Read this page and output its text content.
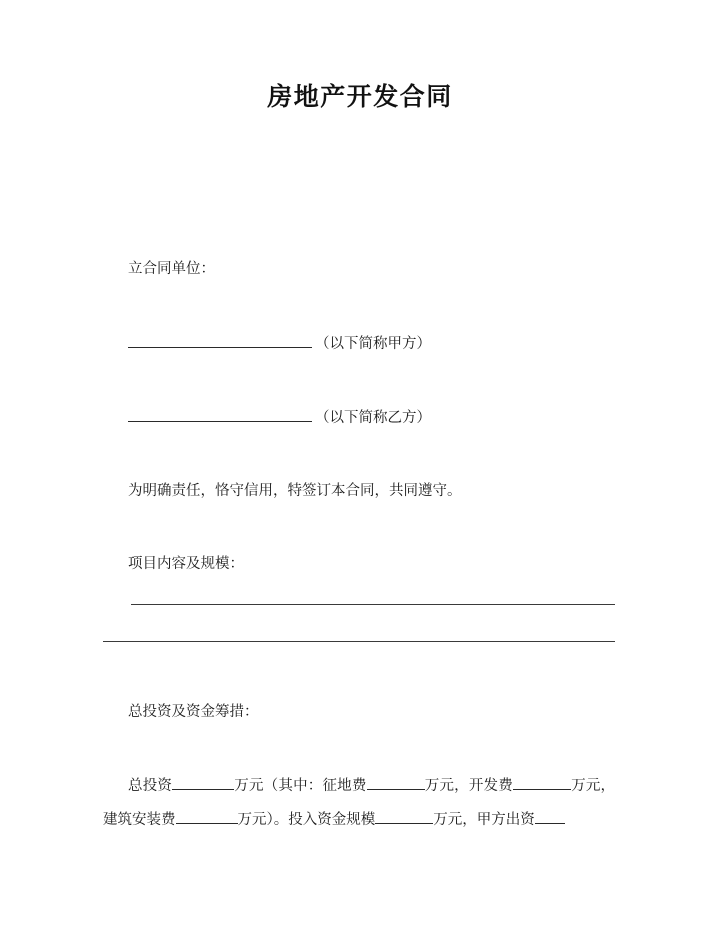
房地产开发合同
立合同单位：
（以下简称甲方）
（以下简称乙方）
为明确责任，恪守信用，特签订本合同，共同遵守。
项目内容及规模：
总投资及资金筹措：
总投资	万元（其中：征地费	万元，开发费	万元，建筑安装费	万元）。投入资金规模	万元，甲方出资
